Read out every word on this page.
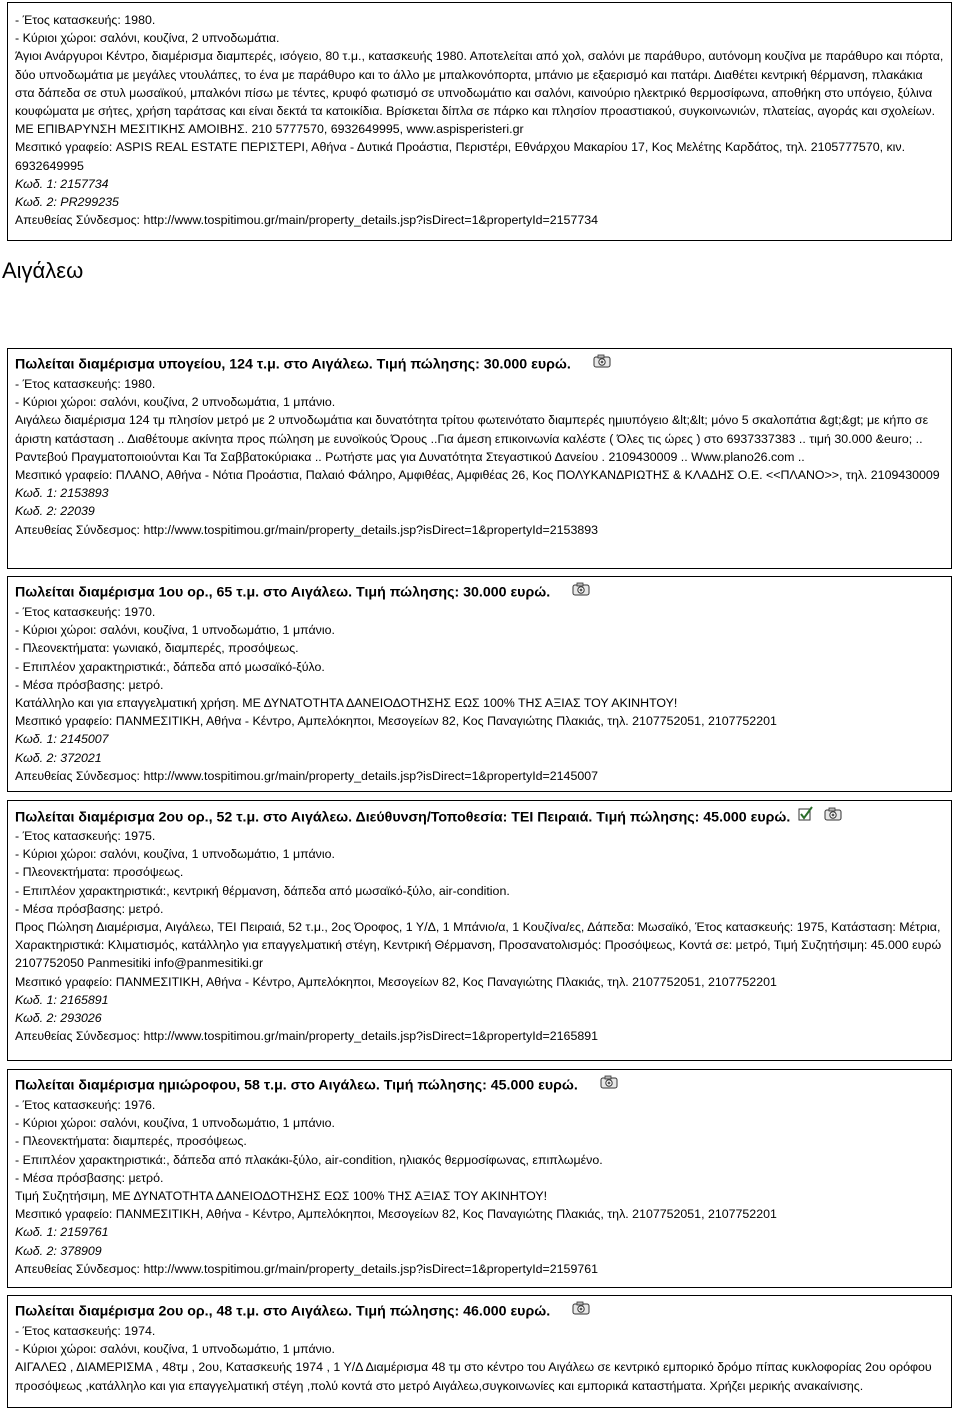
- Έτος κατασκευής: 1980.
- Κύριοι χώροι: σαλόνι, κουζίνα, 2 υπνοδωμάτια.
Άγιοι Ανάργυροι Κέντρο, διαμέρισμα διαμπερές, ισόγειο, 80 τ.μ., κατασκευής 1980. Αποτελείται από χολ, σαλόνι με παράθυρο, αυτόνομη κουζίνα με παράθυρο και πόρτα, δύο υπνοδωμάτια με μεγάλες ντουλάπες, το ένα με παράθυρο και το άλλο με μπαλκονόπορτα, μπάνιο με εξαερισμό και πατάρι. Διαθέτει κεντρική θέρμανση, πλακάκια στα δάπεδα σε στυλ μωσαϊκού, μπαλκόνι πίσω με τέντες, κρυφό φωτισμό σε υπνοδωμάτιο και σαλόνι, καινούριο ηλεκτρικό θερμοσίφωνα, αποθήκη στο υπόγειο, ξύλινα κουφώματα με σήτες, χρήση ταράτσας και είναι δεκτά τα κατοικίδια. Βρίσκεται δίπλα σε πάρκο και πλησίον προαστιακού, συγκοινωνιών, πλατείας, αγοράς και σχολείων. ΜΕ ΕΠΙΒΑΡΥΝΣΗ ΜΕΣΙΤΙΚΗΣ ΑΜΟΙΒΗΣ. 210 5777570, 6932649995, www.aspisperisteri.gr
Μεσιτικό γραφείο: ASPIS REAL ESTATE ΠΕΡΙΣΤΕΡΙ, Αθήνα - Δυτικά Προάστια, Περιστέρι, Εθνάρχου Μακαρίου 17, Κος Μελέτης Καρδάτος, τηλ. 2105777570, κιν. 6932649995
Κωδ. 1: 2157734
Κωδ. 2: PR299235
Απευθείας Σύνδεσμος: http://www.tospitimou.gr/main/property_details.jsp?isDirect=1&propertyId=2157734
Αιγάλεω
Πωλείται διαμέρισμα υπογείου, 124 τ.μ. στο Αιγάλεω. Τιμή πώλησης: 30.000 ευρώ.
- Έτος κατασκευής: 1980.
- Κύριοι χώροι: σαλόνι, κουζίνα, 2 υπνοδωμάτια, 1 μπάνιο.
Αιγάλεω διαμέρισμα 124 τμ πλησίον μετρό με 2 υπνοδωμάτια και δυνατότητα τρίτου φωτεινότατο διαμπερές ημιυπόγειο &lt;&lt; μόνο 5 σκαλοπάτια &gt;&gt; με κήπο σε άριστη κατάσταση .. Διαθέτουμε ακίνητα προς πώληση με ευνοϊκούς Όρους ..Για άμεση επικοινωνία καλέστε ( Όλες τις ώρες ) στο 6937337383 .. τιμή 30.000 &euro; .. Ραντεβού Πραγματοποιούνται Και Τα Σαββατοκύριακα .. Ρωτήστε μας για Δυνατότητα Στεγαστικού Δανείου . 2109430009 .. Www.plano26.com ..
Μεσιτικό γραφείο: ΠΛΑΝΟ, Αθήνα - Νότια Προάστια, Παλαιό Φάληρο, Αμφιθέας, Αμφιθέας 26, Κος ΠΟΛΥΚΑΝΔΡΙΩΤΗΣ & ΚΛΑΔΗΣ Ο.Ε. <<ΠΛΑΝΟ>>, τηλ. 2109430009
Κωδ. 1: 2153893
Κωδ. 2: 22039
Απευθείας Σύνδεσμος: http://www.tospitimou.gr/main/property_details.jsp?isDirect=1&propertyId=2153893
Πωλείται διαμέρισμα 1ου ορ., 65 τ.μ. στο Αιγάλεω. Τιμή πώλησης: 30.000 ευρώ.
- Έτος κατασκευής: 1970.
- Κύριοι χώροι: σαλόνι, κουζίνα, 1 υπνοδωμάτιο, 1 μπάνιο.
- Πλεονεκτήματα: γωνιακό, διαμπερές, προσόψεως.
- Επιπλέον χαρακτηριστικά:, δάπεδα από μωσαϊκό-ξύλο.
- Μέσα πρόσβασης: μετρό.
Κατάλληλο και για επαγγελματική χρήση. ΜΕ ΔΥΝΑΤΟΤΗΤΑ ΔΑΝΕΙΟΔΟΤΗΣΗΣ ΕΩΣ 100% ΤΗΣ ΑΞΙΑΣ ΤΟΥ ΑΚΙΝΗΤΟΥ!
Μεσιτικό γραφείο: ΠΑΝΜΕΣΙΤΙΚΗ, Αθήνα - Κέντρο, Αμπελόκηποι, Μεσογείων 82, Κος Παναγιώτης Πλακιάς, τηλ. 2107752051, 2107752201
Κωδ. 1: 2145007
Κωδ. 2: 372021
Απευθείας Σύνδεσμος: http://www.tospitimou.gr/main/property_details.jsp?isDirect=1&propertyId=2145007
Πωλείται διαμέρισμα 2ου ορ., 52 τ.μ. στο Αιγάλεω. Διεύθυνση/Τοποθεσία: ΤΕΙ Πειραιά. Τιμή πώλησης: 45.000 ευρώ.
- Έτος κατασκευής: 1975.
- Κύριοι χώροι: σαλόνι, κουζίνα, 1 υπνοδωμάτιο, 1 μπάνιο.
- Πλεονεκτήματα: προσόψεως.
- Επιπλέον χαρακτηριστικά:, κεντρική θέρμανση, δάπεδα από μωσαϊκό-ξύλο, air-condition.
- Μέσα πρόσβασης: μετρό.
Προς Πώληση Διαμέρισμα, Αιγάλεω, ΤΕΙ Πειραιά, 52 τ.μ., 2ος Όροφος, 1 Υ/Δ, 1 Μπάνιο/α, 1 Κουζίνα/ες, Δάπεδα: Μωσαϊκό, Έτος κατασκευής: 1975, Κατάσταση: Μέτρια, Χαρακτηριστικά: Κλιματισμός, κατάλληλο για επαγγελματική στέγη, Κεντρική Θέρμανση, Προσανατολισμός: Προσόψεως, Κοντά σε: μετρό, Τιμή Συζητήσιμη: 45.000 ευρώ 2107752050 Panmesitiki info@panmesitiki.gr
Μεσιτικό γραφείο: ΠΑΝΜΕΣΙΤΙΚΗ, Αθήνα - Κέντρο, Αμπελόκηποι, Μεσογείων 82, Κος Παναγιώτης Πλακιάς, τηλ. 2107752051, 2107752201
Κωδ. 1: 2165891
Κωδ. 2: 293026
Απευθείας Σύνδεσμος: http://www.tospitimou.gr/main/property_details.jsp?isDirect=1&propertyId=2165891
Πωλείται διαμέρισμα ημιώροφου, 58 τ.μ. στο Αιγάλεω. Τιμή πώλησης: 45.000 ευρώ.
- Έτος κατασκευής: 1976.
- Κύριοι χώροι: σαλόνι, κουζίνα, 1 υπνοδωμάτιο, 1 μπάνιο.
- Πλεονεκτήματα: διαμπερές, προσόψεως.
- Επιπλέον χαρακτηριστικά:, δάπεδα από πλακάκι-ξύλο, air-condition, ηλιακός θερμοσίφωνας, επιπλωμένο.
- Μέσα πρόσβασης: μετρό.
Τιμή Συζητήσιμη, ΜΕ ΔΥΝΑΤΟΤΗΤΑ ΔΑΝΕΙΟΔΟΤΗΣΗΣ ΕΩΣ 100% ΤΗΣ ΑΞΙΑΣ ΤΟΥ ΑΚΙΝΗΤΟΥ!
Μεσιτικό γραφείο: ΠΑΝΜΕΣΙΤΙΚΗ, Αθήνα - Κέντρο, Αμπελόκηποι, Μεσογείων 82, Κος Παναγιώτης Πλακιάς, τηλ. 2107752051, 2107752201
Κωδ. 1: 2159761
Κωδ. 2: 378909
Απευθείας Σύνδεσμος: http://www.tospitimou.gr/main/property_details.jsp?isDirect=1&propertyId=2159761
Πωλείται διαμέρισμα 2ου ορ., 48 τ.μ. στο Αιγάλεω. Τιμή πώλησης: 46.000 ευρώ.
- Έτος κατασκευής: 1974.
- Κύριοι χώροι: σαλόνι, κουζίνα, 1 υπνοδωμάτιο, 1 μπάνιο.
ΑΙΓΑΛΕΩ , ΔΙΑΜΕΡΙΣΜΑ , 48τμ , 2ου, Κατασκευής 1974 , 1 Υ/Δ Διαμέρισμα 48 τμ στο κέντρο του Αιγάλεω σε κεντρικό εμπορικό δρόμο πίπας κυκλοφορίας 2ου ορόφου προσόψεως ,κατάλληλο και για επαγγελματική στέγη ,πολύ κοντά στο μετρό Αιγάλεω,συγκοινωνίες και εμπορικά καταστήματα. Χρήζει μερικής ανακαίνισης.
